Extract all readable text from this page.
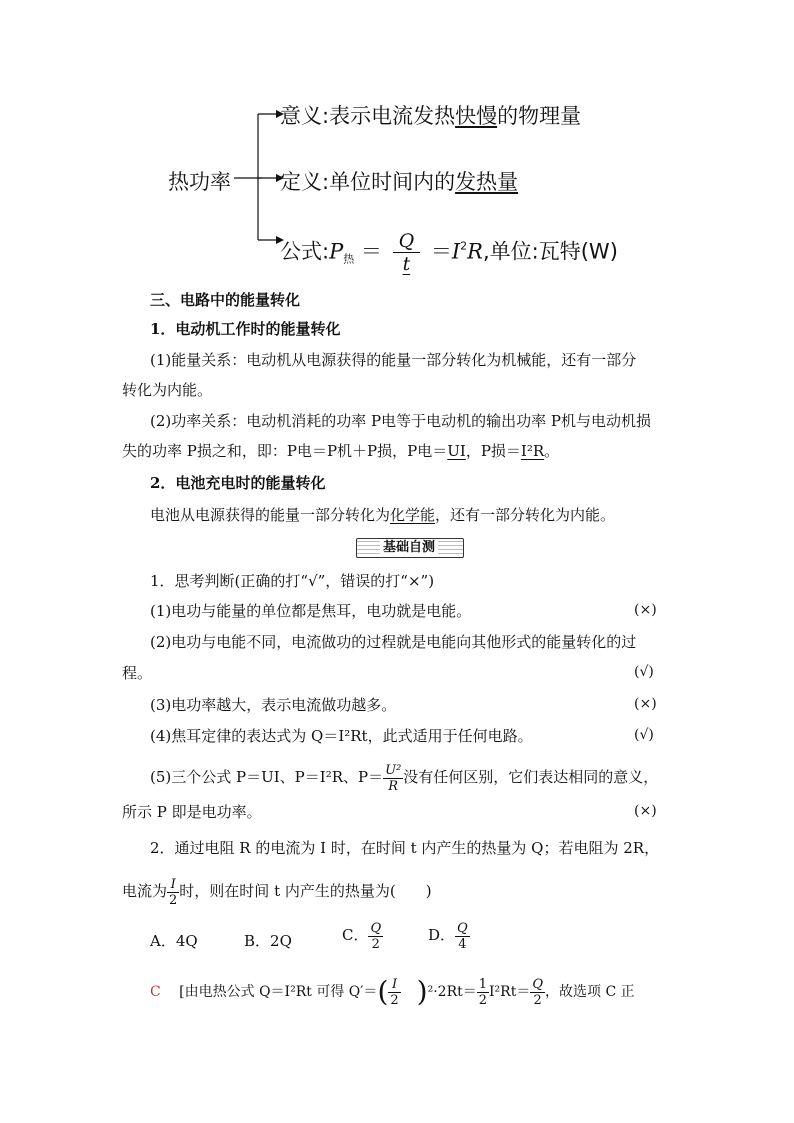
热功率
意义:表示电流发热快慢的物理量
定义:单位时间内的发热量
公式$:P_热 = \frac{Q}{t} =I^2R$,单位:瓦特(W)
三、电路中的能量转化
1．电动机工作时的能量转化
(1)能量关系：电动机从电源获得的能量一部分转化为机械能，还有一部分
转化为内能。
(2)功率关系：电动机消耗的功率 P电等于电动机的输出功率 P机与电动机损
失的功率 P损之和，即：P电＝P机＋P损，P电＝UI，P损＝I²R。
2．电池充电时的能量转化
电池从电源获得的能量一部分转化为化学能，还有一部分转化为内能。
基础自测
1．思考判断(正确的打“√”，错误的打“×”)
(1)电功与能量的单位都是焦耳，电功就是电能。	(×)
(2)电功与电能不同，电流做功的过程就是电能向其他形式的能量转化的过
程。	(√)
(3)电功率越大，表示电流做功越多。	(×)
(4)焦耳定律的表达式为 Q＝I²Rt，此式适用于任何电路。	(√)
(5)三个公式 P＝UI、P＝I²R、$P= \frac{\text{U²}}{R}$ 没有任何区别，它们表达相同的意义，
所示 P 即是电功率。	(×)
2．通过电阻 R 的电流为 I 时，在时间 t 内产生的热量为 Q；若电阻为 2R，
电流为 $\frac{I}{2}$ 时，则在时间 t 内产生的热量为(　　)
A．4Q	B．2Q	C． $\frac{Q}{2}$	D． $\frac{Q}{4}$
C [由电热公式 Q＝I²Rt 可得 $Q'=( \frac{I}{2} )^2\cdot 2Rt= \frac{1}{2} I^2Rt= \frac{Q}{2}$ ，故选项 C 正
